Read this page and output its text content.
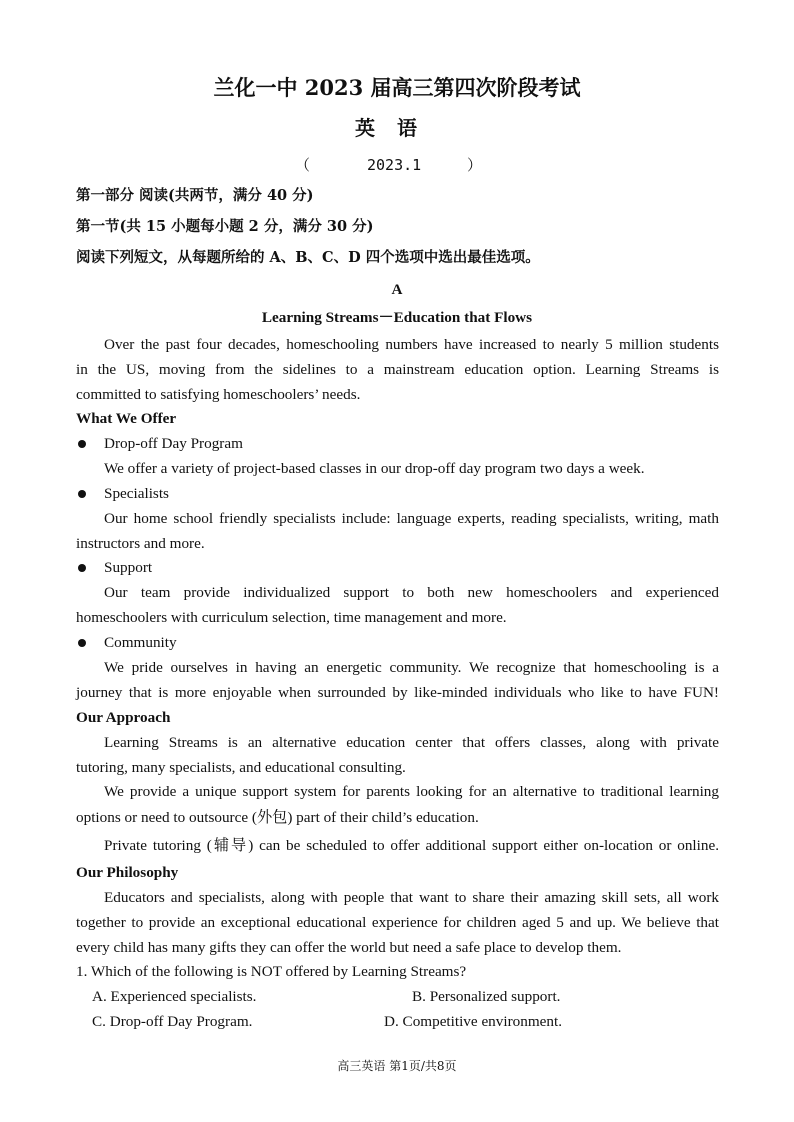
兰化一中 2023 届高三第四次阶段考试
英语
（	2023.1	）
第一部分 阅读(共两节，满分 40 分)
第一节(共 15 小题每小题 2 分，满分 30 分)
阅读下列短文，从每题所给的 A、B、C、D 四个选项中选出最佳选项。
A
Learning Streams－Education that Flows
Over the past four decades, homeschooling numbers have increased to nearly 5 million students
in the US, moving from the sidelines to a mainstream education option. Learning Streams is
committed to satisfying homeschoolers’ needs.
What We Offer
Drop-off Day Program
We offer a variety of project-based classes in our drop-off day program two days a week.
Specialists
Our home school friendly specialists include: language experts, reading specialists, writing, math
instructors and more.
Support
Our team provide individualized support to both new homeschoolers and experienced
homeschoolers with curriculum selection, time management and more.
Community
We pride ourselves in having an energetic community. We recognize that homeschooling is a
journey that is more enjoyable when surrounded by like-minded individuals who like to have FUN!
Our Approach
Learning Streams is an alternative education center that offers classes, along with private
tutoring, many specialists, and educational consulting.
We provide a unique support system for parents looking for an alternative to traditional learning
options or need to outsource (外包) part of their child’s education.
Private tutoring (辅导) can be scheduled to offer additional support either on-location or online.
Our Philosophy
Educators and specialists, along with people that want to share their amazing skill sets, all work
together to provide an exceptional educational experience for children aged 5 and up. We believe that
every child has many gifts they can offer the world but need a safe place to develop them.
1. Which of the following is NOT offered by Learning Streams?
A. Experienced specialists.	B. Personalized support.
C. Drop-off Day Program.	D. Competitive environment.
高三英语 第1页/共8页
